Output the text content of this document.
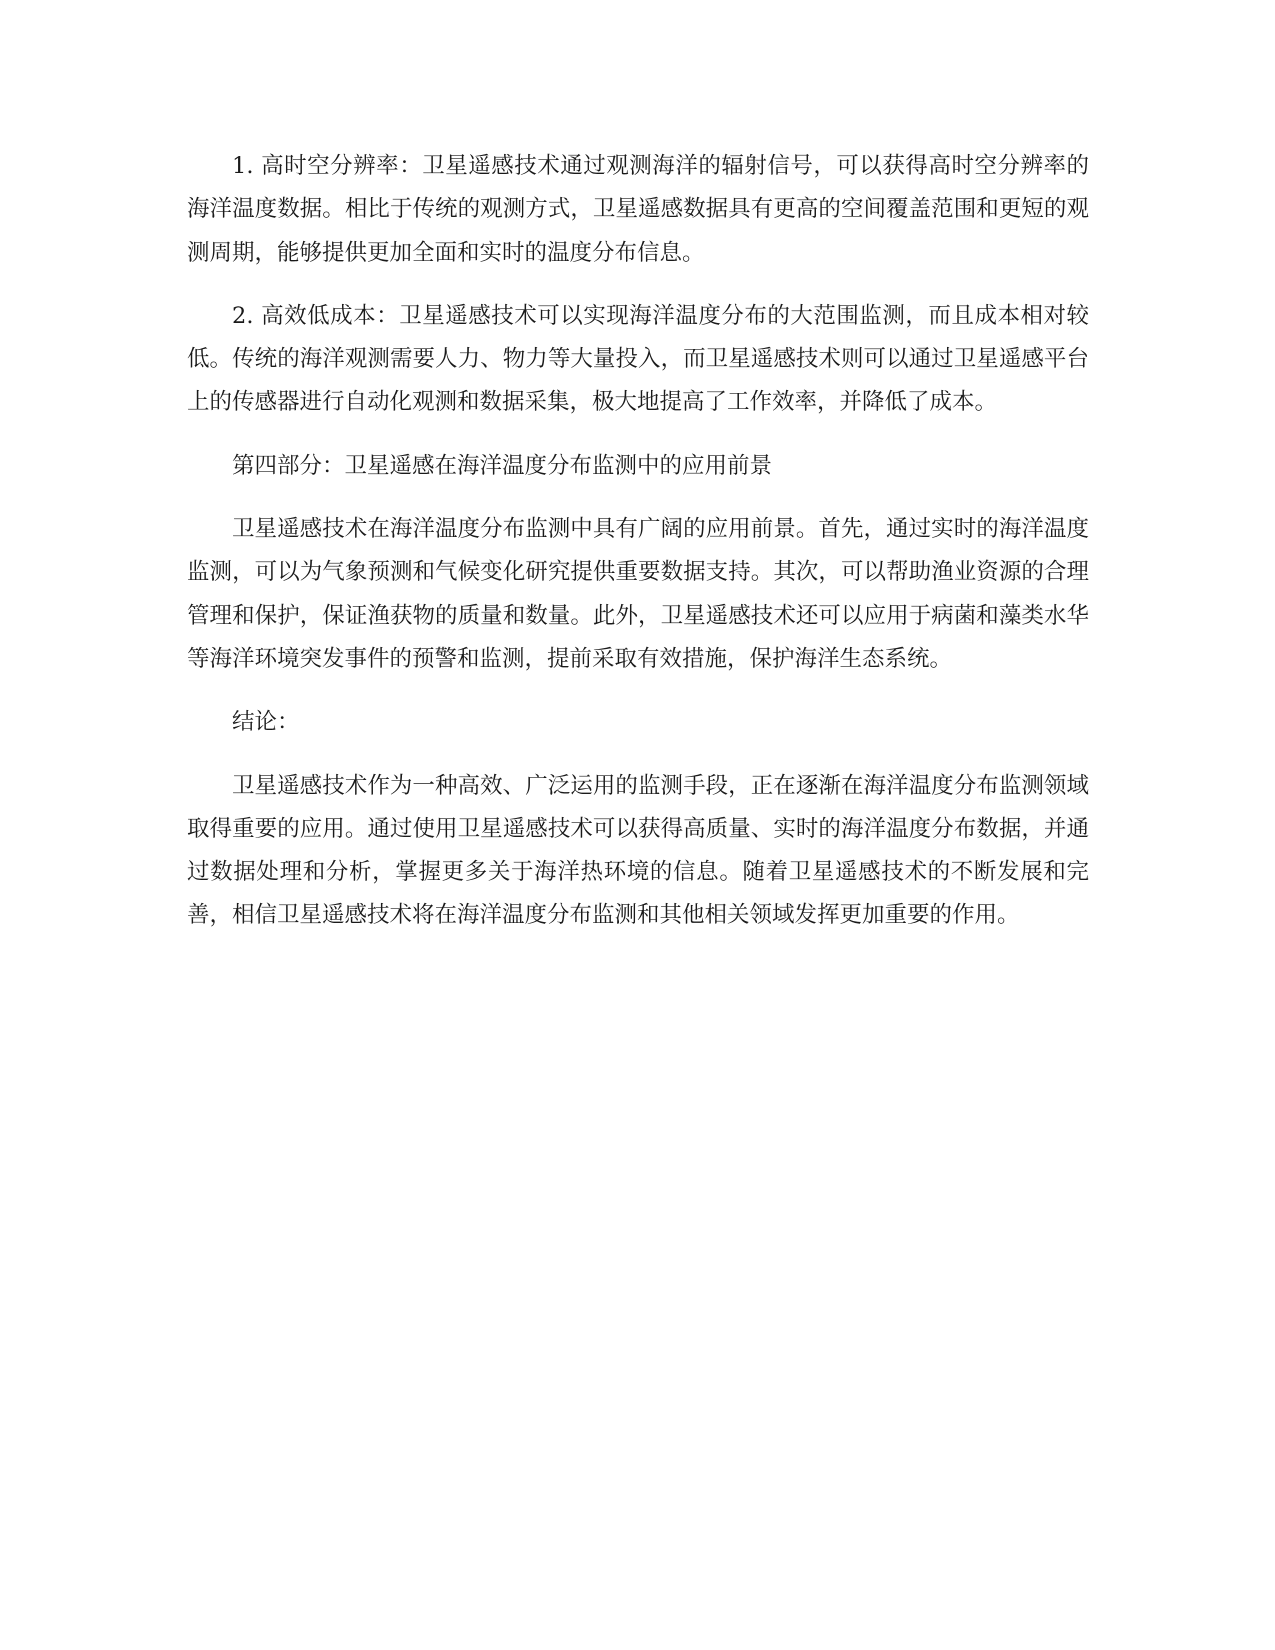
1. 高时空分辨率：卫星遥感技术通过观测海洋的辐射信号，可以获得高时空分辨率的海洋温度数据。相比于传统的观测方式，卫星遥感数据具有更高的空间覆盖范围和更短的观测周期，能够提供更加全面和实时的温度分布信息。

2. 高效低成本：卫星遥感技术可以实现海洋温度分布的大范围监测，而且成本相对较低。传统的海洋观测需要人力、物力等大量投入，而卫星遥感技术则可以通过卫星遥感平台上的传感器进行自动化观测和数据采集，极大地提高了工作效率，并降低了成本。

第四部分：卫星遥感在海洋温度分布监测中的应用前景

卫星遥感技术在海洋温度分布监测中具有广阔的应用前景。首先，通过实时的海洋温度监测，可以为气象预测和气候变化研究提供重要数据支持。其次，可以帮助渔业资源的合理管理和保护，保证渔获物的质量和数量。此外，卫星遥感技术还可以应用于病菌和藻类水华等海洋环境突发事件的预警和监测，提前采取有效措施，保护海洋生态系统。

结论：

卫星遥感技术作为一种高效、广泛运用的监测手段，正在逐渐在海洋温度分布监测领域取得重要的应用。通过使用卫星遥感技术可以获得高质量、实时的海洋温度分布数据，并通过数据处理和分析，掌握更多关于海洋热环境的信息。随着卫星遥感技术的不断发展和完善，相信卫星遥感技术将在海洋温度分布监测和其他相关领域发挥更加重要的作用。
